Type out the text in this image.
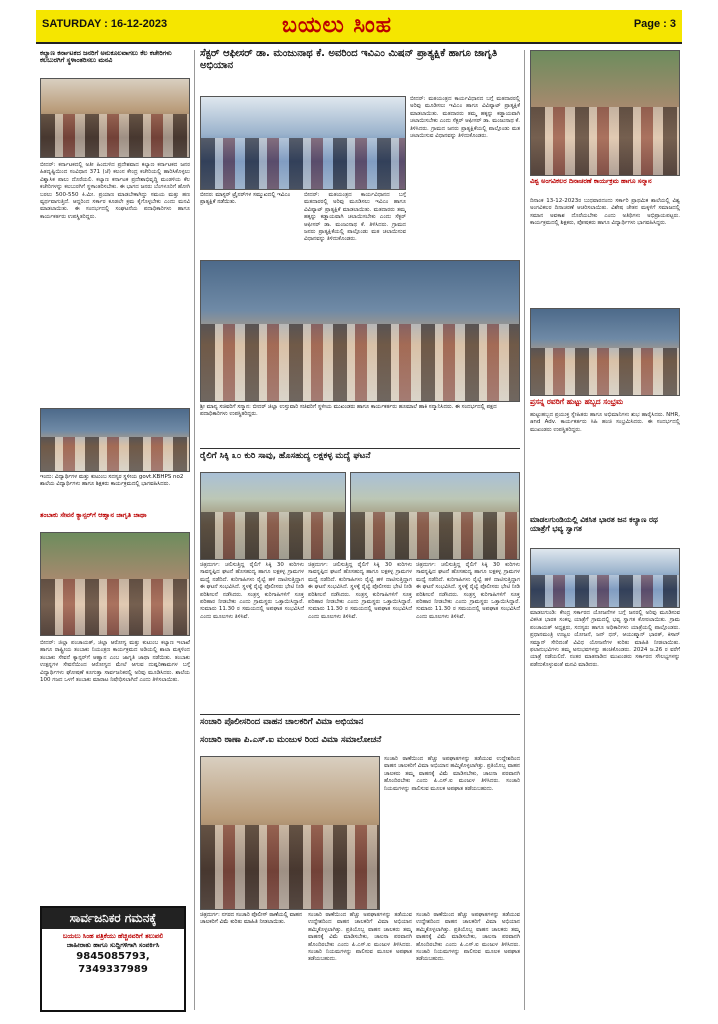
SATURDAY : 16-12-2023	ಬಯಲು ಸಿಂಹ	Page : 3
ಕಲ್ಯಾಣ ಕರ್ನಾಟಕದ ಜನರಿಗೆ ಅನುಕೂಲವಾಗಲು ಕೆಲ ಕಚೇರಿಗಳು ಕಲಬುರಗಿಗೆ ಸ್ಥಳಾಂತರಿಸಲು ಮನವಿ
ಬೀದರ್: ಕರ್ನಾಟಕದಲ್ಲಿ ಅತೀ ಹಿಂದುಳಿದ ಪ್ರದೇಶವಾದ ಕಲ್ಯಾಣ ಕರ್ನಾಟಕದ ಜನರ ಹಿತದೃಷ್ಟಿಯಿಂದ ಸಂವಿಧಾನ 371 (ಜೆ) ಕಲಂನ ಕೇಂದ್ರ ಕಚೇರಿಯಲ್ಲಿ ಹಾರಿಸಿಕೊಳ್ಳಲು ವಿಶ್ವಾಸಿಕ ಪಾಲು ದೊರೆಯಲಿ. ಕಲ್ಯಾಣ ಕರ್ನಾಟಕ ಪ್ರದೇಶಾಭಿವೃದ್ಧಿ ಮಂಡಳಿಯ ಕೆಲ ಕಚೇರಿಗಳನ್ನು ಕಲಬುರಗಿಗೆ ಸ್ಥಳಾಂತರಿಸಬೇಕು. ಈ ಭಾಗದ ಜನರು ಬೆಂಗಳೂರಿಗೆ ಹೋಗಿ ಬರಲು 500-550 ಕಿ.ಮೀ. ಪ್ರಯಾಣ ಮಾಡಬೇಕಾಗಿದ್ದು ಸಮಯ ಮತ್ತು ಹಣ ವ್ಯರ್ಥವಾಗುತ್ತಿದೆ. ಆದ್ದರಿಂದ ಸರ್ಕಾರ ಕೂಡಲೇ ಕ್ರಮ ಕೈಗೊಳ್ಳಬೇಕು ಎಂದು ಮನವಿ ಮಾಡಲಾಯಿತು. ಈ ಸಂದರ್ಭದಲ್ಲಿ ಸಂಘಟನೆಯ ಪದಾಧಿಕಾರಿಗಳು ಹಾಗೂ ಕಾರ್ಯಕರ್ತರು ಉಪಸ್ಥಿತರಿದ್ದರು.
ಇಂದು: ವಿದ್ಯಾರ್ಥಿಗಳ ಮತ್ತು ಕುಟುಂಬ ಸದಸ್ಯರ ಸ್ಥಳೀಯ govt.KBHPS no2 ಶಾಲೆಯ ವಿದ್ಯಾರ್ಥಿಗಳು ಹಾಗೂ ಶಿಕ್ಷಕರು ಕಾರ್ಯಕ್ರಮದಲ್ಲಿ ಭಾಗವಹಿಸಿದರು.
ತಂಬಾಕು ಸೇವನೆ ಕ್ಯಾನ್ಸರ್‌ಗೆ ಆಹ್ವಾನ ಜಾಗೃತಿ ಜಾಥಾ
ಬೀದರ್: ಜಿಲ್ಲಾ ಪಂಚಾಯತ್, ಜಿಲ್ಲಾ ಆರೋಗ್ಯ ಮತ್ತು ಕುಟುಂಬ ಕಲ್ಯಾಣ ಇಲಾಖೆ ಹಾಗೂ ರಾಷ್ಟ್ರೀಯ ತಂಬಾಕು ನಿಯಂತ್ರಣ ಕಾರ್ಯಕ್ರಮದ ಅಡಿಯಲ್ಲಿ ಶಾಲಾ ಮಕ್ಕಳಿಂದ ತಂಬಾಕು ಸೇವನೆ ಕ್ಯಾನ್ಸರ್‌ಗೆ ಆಹ್ವಾನ ಎಂಬ ಜಾಗೃತಿ ಜಾಥಾ ನಡೆಯಿತು. ತಂಬಾಕು ಉತ್ಪನ್ನಗಳ ಸೇವನೆಯಿಂದ ಆರೋಗ್ಯದ ಮೇಲೆ ಆಗುವ ದುಷ್ಪರಿಣಾಮಗಳ ಬಗ್ಗೆ ವಿದ್ಯಾರ್ಥಿಗಳು ಘೋಷಣೆ ಕೂಗುತ್ತಾ ಸಾರ್ವಜನಿಕರಲ್ಲಿ ಅರಿವು ಮೂಡಿಸಿದರು. ಶಾಲೆಯ 100 ಗಜದ ಒಳಗೆ ತಂಬಾಕು ಮಾರಾಟ ನಿಷೇಧಿಸಲಾಗಿದೆ ಎಂದು ತಿಳಿಸಲಾಯಿತು.
ಸಾರ್ವಜನಿಕರ ಗಮನಕ್ಕೆ
ಬಯಲು ಸಿಂಹ ಪತ್ರಿಕೆಯು ಹೆಚ್ಚಿನವರಿಗೆ ತಲುಪಲಿ
ಜಾಹೀರಾತು ಹಾಗೂ ಸುದ್ದಿಗಳಿಗಾಗಿ ಸಂಪರ್ಕಿಸಿ
9845085793, 7349337989
ಸೆಕ್ಟರ್ ಆಫೀಸರ್ ಡಾ. ಮಂಜುನಾಥ ಕೆ. ಅವರಿಂದ ಇವಿಎಂ ಮಿಷನ್ ಪ್ರಾತ್ಯಕ್ಷಿಕೆ ಹಾಗೂ ಜಾಗೃತಿ ಅಭಿಯಾನ
ಬೀದರ: ಮಾಸ್ಟರ್ ಟ್ರೈನರ್‌ಗಳ ಸಮ್ಮುಖದಲ್ಲಿ ಇವಿಎಂ ಪ್ರಾತ್ಯಕ್ಷಿಕೆ ನಡೆಯಿತು.
ಬೀದರ್: ಮತಯಂತ್ರದ ಕಾರ್ಯವಿಧಾನದ ಬಗ್ಗೆ ಮತದಾರರಲ್ಲಿ ಅರಿವು ಮೂಡಿಸಲು ಇವಿಎಂ ಹಾಗೂ ವಿವಿಪ್ಯಾಟ್ ಪ್ರಾತ್ಯಕ್ಷಿಕೆ ಮಾಡಲಾಯಿತು. ಮತದಾರರು ತಮ್ಮ ಹಕ್ಕನ್ನು ಕಡ್ಡಾಯವಾಗಿ ಚಲಾಯಿಸಬೇಕು ಎಂದು ಸೆಕ್ಟರ್ ಆಫೀಸರ್ ಡಾ. ಮಂಜುನಾಥ ಕೆ. ತಿಳಿಸಿದರು. ಗ್ರಾಮದ ಜನರು ಪ್ರಾತ್ಯಕ್ಷಿಕೆಯಲ್ಲಿ ಪಾಲ್ಗೊಂಡು ಮತ ಚಲಾಯಿಸುವ ವಿಧಾನವನ್ನು ತಿಳಿದುಕೊಂಡರು.
ಬೀದರ್: ಮತಯಂತ್ರದ ಕಾರ್ಯವಿಧಾನದ ಬಗ್ಗೆ ಮತದಾರರಲ್ಲಿ ಅರಿವು ಮೂಡಿಸಲು ಇವಿಎಂ ಹಾಗೂ ವಿವಿಪ್ಯಾಟ್ ಪ್ರಾತ್ಯಕ್ಷಿಕೆ ಮಾಡಲಾಯಿತು. ಮತದಾರರು ತಮ್ಮ ಹಕ್ಕನ್ನು ಕಡ್ಡಾಯವಾಗಿ ಚಲಾಯಿಸಬೇಕು ಎಂದು ಸೆಕ್ಟರ್ ಆಫೀಸರ್ ಡಾ. ಮಂಜುನಾಥ ಕೆ. ತಿಳಿಸಿದರು. ಗ್ರಾಮದ ಜನರು ಪ್ರಾತ್ಯಕ್ಷಿಕೆಯಲ್ಲಿ ಪಾಲ್ಗೊಂಡು ಮತ ಚಲಾಯಿಸುವ ವಿಧಾನವನ್ನು ತಿಳಿದುಕೊಂಡರು.
ಶ್ರೀ ಮಾನ್ಯ ಸಚಿವರಿಗೆ ಸನ್ಮಾನ: ಬೀದರ್ ಜಿಲ್ಲಾ ಉಸ್ತುವಾರಿ ಸಚಿವರಿಗೆ ಸ್ಥಳೀಯ ಮುಖಂಡರು ಹಾಗೂ ಕಾರ್ಯಕರ್ತರು ಹೂಮಾಲೆ ಹಾಕಿ ಸನ್ಮಾನಿಸಿದರು. ಈ ಸಂದರ್ಭದಲ್ಲಿ ಪಕ್ಷದ ಪದಾಧಿಕಾರಿಗಳು ಉಪಸ್ಥಿತರಿದ್ದರು.
ರೈಲಿಗೆ ಸಿಕ್ಕಿ ೩೦ ಕುರಿ ಸಾವು, ಹೊಸಹುದ್ಯ ಲಕ್ಷಕಳ್ಳ ಮದ್ಯೆ ಘಟನೆ
ಚಿತ್ರದುರ್ಗ: ಚಲಿಸುತ್ತಿದ್ದ ರೈಲಿಗೆ ಸಿಕ್ಕಿ 30 ಕುರಿಗಳು ಸಾವನ್ನಪ್ಪಿದ ಘಟನೆ ಹೊಸಹುದ್ಯ ಹಾಗೂ ಲಕ್ಷಕಳ್ಳ ಗ್ರಾಮಗಳ ಮಧ್ಯೆ ನಡೆದಿದೆ. ಕುರಿಗಾಹಿಗಳು ರೈಲ್ವೆ ಹಳಿ ದಾಟಿಸುತ್ತಿದ್ದಾಗ ಈ ಘಟನೆ ಸಂಭವಿಸಿದೆ. ಸ್ಥಳಕ್ಕೆ ರೈಲ್ವೆ ಪೊಲೀಸರು ಭೇಟಿ ನೀಡಿ ಪರಿಶೀಲನೆ ನಡೆಸಿದರು. ಸಂತ್ರಸ್ತ ಕುರಿಗಾಹಿಗಳಿಗೆ ಸೂಕ್ತ ಪರಿಹಾರ ನೀಡಬೇಕು ಎಂದು ಗ್ರಾಮಸ್ಥರು ಒತ್ತಾಯಿಸಿದ್ದಾರೆ. ಸುಮಾರು 11.30 ರ ಸಮಯದಲ್ಲಿ ಅಪಘಾತ ಸಂಭವಿಸಿದೆ ಎಂದು ಮೂಲಗಳು ತಿಳಿಸಿವೆ.
ಚಿತ್ರದುರ್ಗ: ಚಲಿಸುತ್ತಿದ್ದ ರೈಲಿಗೆ ಸಿಕ್ಕಿ 30 ಕುರಿಗಳು ಸಾವನ್ನಪ್ಪಿದ ಘಟನೆ ಹೊಸಹುದ್ಯ ಹಾಗೂ ಲಕ್ಷಕಳ್ಳ ಗ್ರಾಮಗಳ ಮಧ್ಯೆ ನಡೆದಿದೆ. ಕುರಿಗಾಹಿಗಳು ರೈಲ್ವೆ ಹಳಿ ದಾಟಿಸುತ್ತಿದ್ದಾಗ ಈ ಘಟನೆ ಸಂಭವಿಸಿದೆ. ಸ್ಥಳಕ್ಕೆ ರೈಲ್ವೆ ಪೊಲೀಸರು ಭೇಟಿ ನೀಡಿ ಪರಿಶೀಲನೆ ನಡೆಸಿದರು. ಸಂತ್ರಸ್ತ ಕುರಿಗಾಹಿಗಳಿಗೆ ಸೂಕ್ತ ಪರಿಹಾರ ನೀಡಬೇಕು ಎಂದು ಗ್ರಾಮಸ್ಥರು ಒತ್ತಾಯಿಸಿದ್ದಾರೆ. ಸುಮಾರು 11.30 ರ ಸಮಯದಲ್ಲಿ ಅಪಘಾತ ಸಂಭವಿಸಿದೆ ಎಂದು ಮೂಲಗಳು ತಿಳಿಸಿವೆ.
ಚಿತ್ರದುರ್ಗ: ಚಲಿಸುತ್ತಿದ್ದ ರೈಲಿಗೆ ಸಿಕ್ಕಿ 30 ಕುರಿಗಳು ಸಾವನ್ನಪ್ಪಿದ ಘಟನೆ ಹೊಸಹುದ್ಯ ಹಾಗೂ ಲಕ್ಷಕಳ್ಳ ಗ್ರಾಮಗಳ ಮಧ್ಯೆ ನಡೆದಿದೆ. ಕುರಿಗಾಹಿಗಳು ರೈಲ್ವೆ ಹಳಿ ದಾಟಿಸುತ್ತಿದ್ದಾಗ ಈ ಘಟನೆ ಸಂಭವಿಸಿದೆ. ಸ್ಥಳಕ್ಕೆ ರೈಲ್ವೆ ಪೊಲೀಸರು ಭೇಟಿ ನೀಡಿ ಪರಿಶೀಲನೆ ನಡೆಸಿದರು. ಸಂತ್ರಸ್ತ ಕುರಿಗಾಹಿಗಳಿಗೆ ಸೂಕ್ತ ಪರಿಹಾರ ನೀಡಬೇಕು ಎಂದು ಗ್ರಾಮಸ್ಥರು ಒತ್ತಾಯಿಸಿದ್ದಾರೆ. ಸುಮಾರು 11.30 ರ ಸಮಯದಲ್ಲಿ ಅಪಘಾತ ಸಂಭವಿಸಿದೆ ಎಂದು ಮೂಲಗಳು ತಿಳಿಸಿವೆ.
ಸಂಚಾರಿ ಪೊಲೀಸರಿಂದ ವಾಹನ ಚಾಲಕರಿಗೆ ವಿಮಾ ಅಭಿಯಾನ
ಸಂಚಾರಿ ಠಾಣಾ ಪಿ.ಎಸ್.ಐ ಮಂಜುಳ ರಿಂದ ವಿಮಾ ಸಮಾಲೋಚನೆ
ಸಂಚಾರಿ ಠಾಣೆಯಿಂದ ಹೆಚ್ಚು ಅಪಘಾತಗಳನ್ನು ತಡೆಯುವ ಉದ್ದೇಶದಿಂದ ವಾಹನ ಚಾಲಕರಿಗೆ ವಿಮಾ ಅಭಿಯಾನ ಹಮ್ಮಿಕೊಳ್ಳಲಾಗಿತ್ತು. ಪ್ರತಿಯೊಬ್ಬ ವಾಹನ ಚಾಲಕರು ತಮ್ಮ ವಾಹನಕ್ಕೆ ವಿಮೆ ಮಾಡಿಸಬೇಕು, ಚಾಲನಾ ಪರವಾನಗಿ ಹೊಂದಿರಬೇಕು ಎಂದು ಪಿ.ಎಸ್.ಐ ಮಂಜುಳ ತಿಳಿಸಿದರು. ಸಂಚಾರಿ ನಿಯಮಗಳನ್ನು ಪಾಲಿಸುವ ಮೂಲಕ ಅಪಘಾತ ತಡೆಯಬಹುದು.
ಚಿತ್ರದುರ್ಗ: ನಗರದ ಸಂಚಾರಿ ಪೊಲೀಸ್ ಠಾಣೆಯಲ್ಲಿ ವಾಹನ ಚಾಲಕರಿಗೆ ವಿಮೆ ಕುರಿತು ಮಾಹಿತಿ ನೀಡಲಾಯಿತು.
ಸಂಚಾರಿ ಠಾಣೆಯಿಂದ ಹೆಚ್ಚು ಅಪಘಾತಗಳನ್ನು ತಡೆಯುವ ಉದ್ದೇಶದಿಂದ ವಾಹನ ಚಾಲಕರಿಗೆ ವಿಮಾ ಅಭಿಯಾನ ಹಮ್ಮಿಕೊಳ್ಳಲಾಗಿತ್ತು. ಪ್ರತಿಯೊಬ್ಬ ವಾಹನ ಚಾಲಕರು ತಮ್ಮ ವಾಹನಕ್ಕೆ ವಿಮೆ ಮಾಡಿಸಬೇಕು, ಚಾಲನಾ ಪರವಾನಗಿ ಹೊಂದಿರಬೇಕು ಎಂದು ಪಿ.ಎಸ್.ಐ ಮಂಜುಳ ತಿಳಿಸಿದರು. ಸಂಚಾರಿ ನಿಯಮಗಳನ್ನು ಪಾಲಿಸುವ ಮೂಲಕ ಅಪಘಾತ ತಡೆಯಬಹುದು.
ಸಂಚಾರಿ ಠಾಣೆಯಿಂದ ಹೆಚ್ಚು ಅಪಘಾತಗಳನ್ನು ತಡೆಯುವ ಉದ್ದೇಶದಿಂದ ವಾಹನ ಚಾಲಕರಿಗೆ ವಿಮಾ ಅಭಿಯಾನ ಹಮ್ಮಿಕೊಳ್ಳಲಾಗಿತ್ತು. ಪ್ರತಿಯೊಬ್ಬ ವಾಹನ ಚಾಲಕರು ತಮ್ಮ ವಾಹನಕ್ಕೆ ವಿಮೆ ಮಾಡಿಸಬೇಕು, ಚಾಲನಾ ಪರವಾನಗಿ ಹೊಂದಿರಬೇಕು ಎಂದು ಪಿ.ಎಸ್.ಐ ಮಂಜುಳ ತಿಳಿಸಿದರು. ಸಂಚಾರಿ ನಿಯಮಗಳನ್ನು ಪಾಲಿಸುವ ಮೂಲಕ ಅಪಘಾತ ತಡೆಯಬಹುದು.
ವಿಶ್ವ ಅಂಗವಿಕಲರ ದಿನಾಚರಣೆ ಕಾರ್ಯಕ್ರಮ ಹಾಗೂ ಸನ್ಮಾನ
ದಿನಾಂಕ 13-12-2023ರ ಬುಧವಾರದಂದು ಸರ್ಕಾರಿ ಪ್ರಾಥಮಿಕ ಶಾಲೆಯಲ್ಲಿ ವಿಶ್ವ ಅಂಗವಿಕಲರ ದಿನಾಚರಣೆ ಆಚರಿಸಲಾಯಿತು. ವಿಶೇಷ ಚೇತನ ಮಕ್ಕಳಿಗೆ ಸಮಾಜದಲ್ಲಿ ಸಮಾನ ಅವಕಾಶ ದೊರೆಯಬೇಕು ಎಂದು ಅತಿಥಿಗಳು ಅಭಿಪ್ರಾಯಪಟ್ಟರು. ಕಾರ್ಯಕ್ರಮದಲ್ಲಿ ಶಿಕ್ಷಕರು, ಪೋಷಕರು ಹಾಗೂ ವಿದ್ಯಾರ್ಥಿಗಳು ಭಾಗವಹಿಸಿದ್ದರು.
ಪ್ರಸನ್ನ ರವರಿಗೆ ಹುಟ್ಟು ಹಬ್ಬದ ಸಂಭ್ರಮ
ಹುಟ್ಟುಹಬ್ಬದ ಪ್ರಯುಕ್ತ ಸ್ನೇಹಿತರು ಹಾಗೂ ಅಭಿಮಾನಿಗಳು ಶುಭ ಹಾರೈಸಿದರು. NHR, and Adv. ಕಾರ್ಯಕರ್ತರು ಸಿಹಿ ಹಂಚಿ ಸಂಭ್ರಮಿಸಿದರು. ಈ ಸಂದರ್ಭದಲ್ಲಿ ಮುಖಂಡರು ಉಪಸ್ಥಿತರಿದ್ದರು.
ಮಾಡಲಗುಂಡಿಯಲ್ಲಿ ವಿಕಸಿತ ಭಾರತ ಜನ ಕಲ್ಯಾಣ ರಥ ಯಾತ್ರೆಗೆ ಭವ್ಯ ಸ್ವಾಗತ
ಮಾಡಲಗುಂಡಿ: ಕೇಂದ್ರ ಸರ್ಕಾರದ ಯೋಜನೆಗಳ ಬಗ್ಗೆ ಜನರಲ್ಲಿ ಅರಿವು ಮೂಡಿಸುವ ವಿಕಸಿತ ಭಾರತ ಸಂಕಲ್ಪ ಯಾತ್ರೆಗೆ ಗ್ರಾಮದಲ್ಲಿ ಭವ್ಯ ಸ್ವಾಗತ ಕೋರಲಾಯಿತು. ಗ್ರಾಮ ಪಂಚಾಯತ್ ಅಧ್ಯಕ್ಷರು, ಸದಸ್ಯರು ಹಾಗೂ ಅಧಿಕಾರಿಗಳು ಯಾತ್ರೆಯಲ್ಲಿ ಪಾಲ್ಗೊಂಡರು. ಪ್ರಧಾನಮಂತ್ರಿ ಉಜ್ವಲ ಯೋಜನೆ, ಜನ್ ಧನ್, ಆಯುಷ್ಮಾನ್ ಭಾರತ್, ಕಿಸಾನ್ ಸಮ್ಮಾನ್ ಸೇರಿದಂತೆ ವಿವಿಧ ಯೋಜನೆಗಳ ಕುರಿತು ಮಾಹಿತಿ ನೀಡಲಾಯಿತು. ಫಲಾನುಭವಿಗಳು ತಮ್ಮ ಅನುಭವಗಳನ್ನು ಹಂಚಿಕೊಂಡರು. 2024 ಜ.26 ರ ವರೆಗೆ ಯಾತ್ರೆ ನಡೆಯಲಿದೆ. ನಂತರ ಮಾತನಾಡಿದ ಮುಖಂಡರು ಸರ್ಕಾರದ ಸೌಲಭ್ಯಗಳನ್ನು ಪಡೆದುಕೊಳ್ಳುವಂತೆ ಮನವಿ ಮಾಡಿದರು.
